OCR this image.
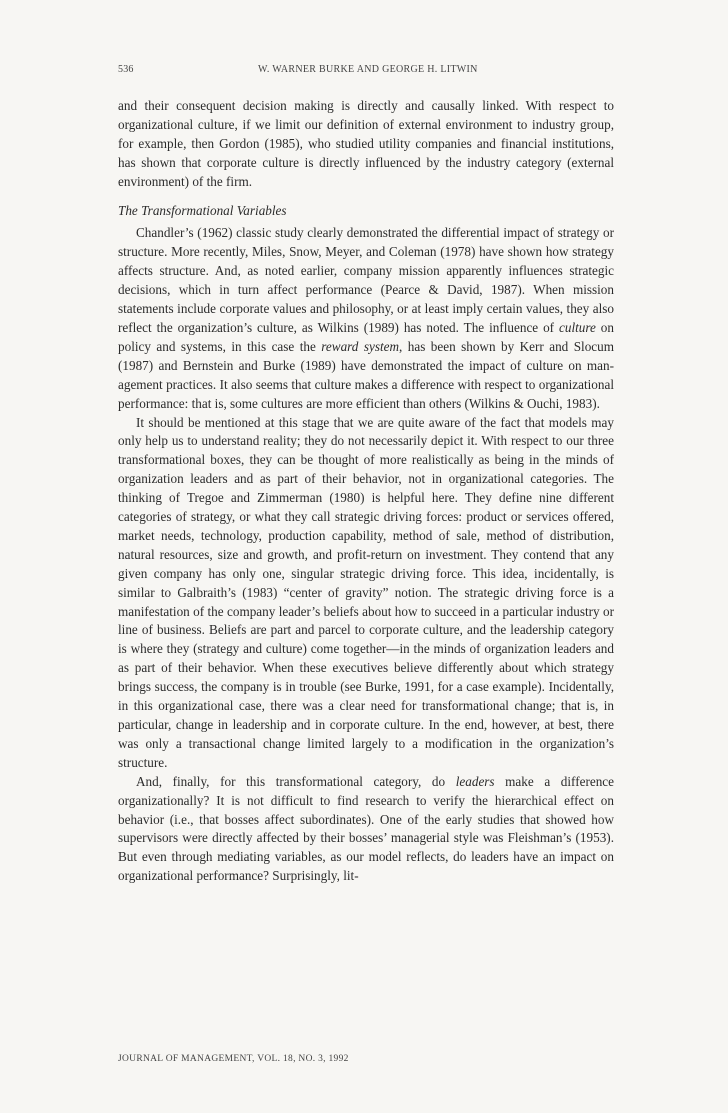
536	W. WARNER BURKE AND GEORGE H. LITWIN

and their consequent decision making is directly and causally linked. With respect to organizational culture, if we limit our definition of external environment to industry group, for example, then Gordon (1985), who studied utility companies and financial institutions, has shown that corporate culture is directly influenced by the industry category (external environment) of the firm.

The Transformational Variables

Chandler’s (1962) classic study clearly demonstrated the differential impact of strategy or structure. More recently, Miles, Snow, Meyer, and Coleman (1978) have shown how strategy affects structure. And, as noted earlier, company mission apparently influences strategic decisions, which in turn affect performance (Pearce & David, 1987). When mission statements include corporate values and philosophy, or at least imply certain values, they also reflect the organization’s culture, as Wilkins (1989) has noted. The influence of culture on policy and systems, in this case the reward system, has been shown by Kerr and Slocum (1987) and Bernstein and Burke (1989) have demonstrated the impact of culture on management practices. It also seems that culture makes a difference with respect to organizational performance: that is, some cultures are more efficient than others (Wilkins & Ouchi, 1983).

It should be mentioned at this stage that we are quite aware of the fact that models may only help us to understand reality; they do not necessarily depict it. With respect to our three transformational boxes, they can be thought of more realistically as being in the minds of organization leaders and as part of their behavior, not in organizational categories. The thinking of Tregoe and Zimmerman (1980) is helpful here. They define nine different categories of strategy, or what they call strategic driving forces: product or services offered, market needs, technology, production capability, method of sale, method of distribution, natural resources, size and growth, and profit-return on investment. They contend that any given company has only one, singular strategic driving force. This idea, incidentally, is similar to Galbraith’s (1983) “center of gravity” notion. The strategic driving force is a manifestation of the company leader’s beliefs about how to succeed in a particular industry or line of business. Beliefs are part and parcel to corporate culture, and the leadership category is where they (strategy and culture) come together—in the minds of organization leaders and as part of their behavior. When these executives believe differently about which strategy brings success, the company is in trouble (see Burke, 1991, for a case example). Incidentally, in this organizational case, there was a clear need for transformational change; that is, in particular, change in leadership and in corporate culture. In the end, however, at best, there was only a transactional change limited largely to a modification in the organization’s structure.

And, finally, for this transformational category, do leaders make a difference organizationally? It is not difficult to find research to verify the hierarchical effect on behavior (i.e., that bosses affect subordinates). One of the early studies that showed how supervisors were directly affected by their bosses’ managerial style was Fleishman’s (1953). But even through mediating variables, as our model reflects, do leaders have an impact on organizational performance? Surprisingly, lit-

JOURNAL OF MANAGEMENT, VOL. 18, NO. 3, 1992
